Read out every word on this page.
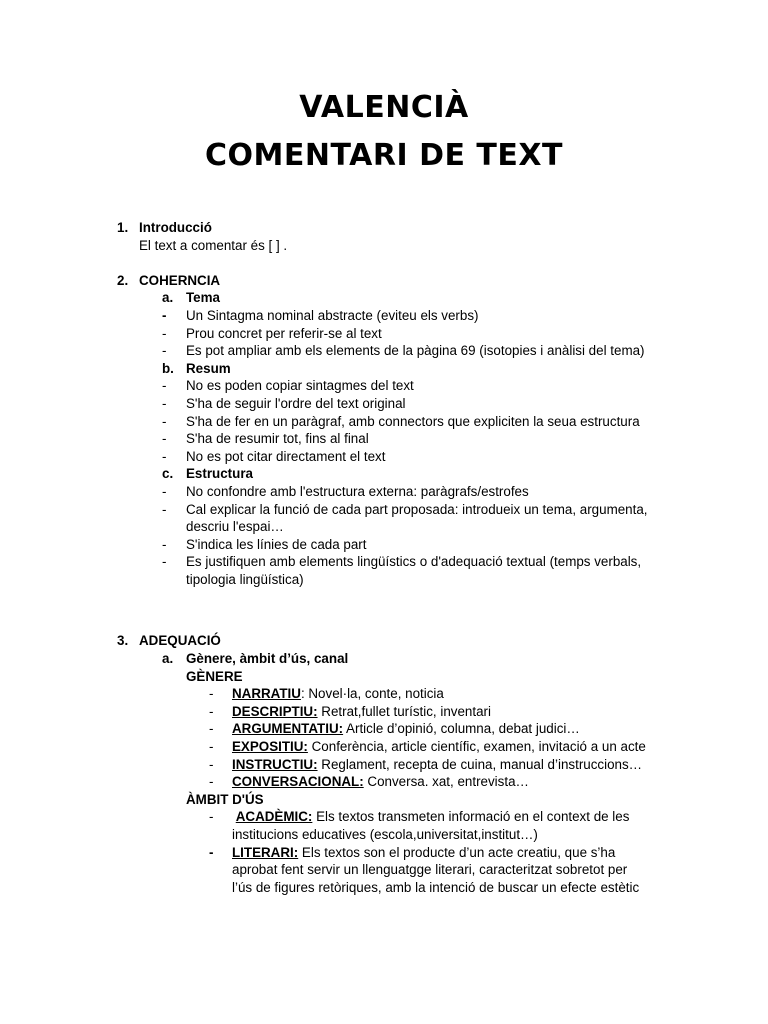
VALENCIÀ
COMENTARI DE TEXT
1. Introducció
El text a comentar és [ ] .
2. COHERNCIA
a. Tema
- Un Sintagma nominal abstracte (eviteu els verbs)
- Prou concret per referir-se al text
- Es pot ampliar amb els elements de la pàgina 69 (isotopies i anàlisi del tema)
b. Resum
- No es poden copiar sintagmes del text
- S'ha de seguir l'ordre del text original
- S'ha de fer en un paràgraf, amb connectors que expliciten la seua estructura
- S'ha de resumir tot, fins al final
- No es pot citar directament el text
c. Estructura
- No confondre amb l'estructura externa: paràgrafs/estrofes
- Cal explicar la funció de cada part proposada: introdueix un tema, argumenta,
descriu l'espai…
- S'indica les línies de cada part
- Es justifiquen amb elements lingüístics o d'adequació textual (temps verbals,
tipologia lingüística)
3. ADEQUACIÓ
a. Gènere, àmbit d’ús, canal
GÈNERE
- NARRATIU: Novel·la, conte, noticia
- DESCRIPTIU: Retrat,fullet turístic, inventari
- ARGUMENTATIU: Article d’opinió, columna, debat judici…
- EXPOSITIU: Conferència, article científic, examen, invitació a un acte
- INSTRUCTIU: Reglament, recepta de cuina, manual d’instruccions…
- CONVERSACIONAL: Conversa. xat, entrevista…
ÀMBIT D'ÚS
- ACADÈMIC: Els textos transmeten informació en el context de les
institucions educatives (escola,universitat,institut…)
- LITERARI: Els textos son el producte d’un acte creatiu, que s’ha
aprobat fent servir un llenguatgge literari, caracteritzat sobretot per
l’ús de figures retòriques, amb la intenció de buscar un efecte estètic
